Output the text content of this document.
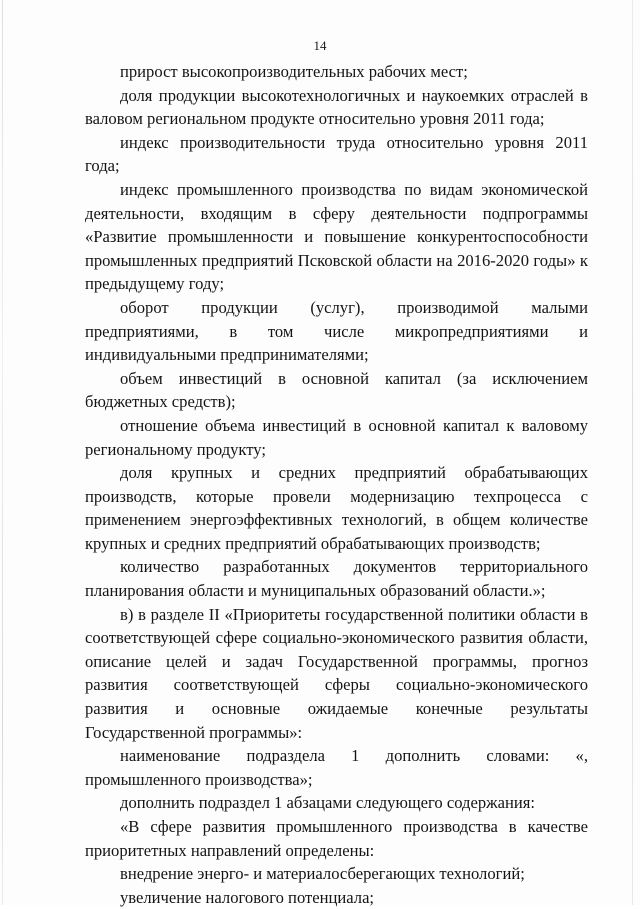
14

прирост высокопроизводительных рабочих мест;

доля продукции высокотехнологичных и наукоемких отраслей в валовом региональном продукте относительно уровня 2011 года;

индекс производительности труда относительно уровня 2011 года;

индекс промышленного производства по видам экономической деятельности, входящим в сферу деятельности подпрограммы «Развитие промышленности и повышение конкурентоспособности промышленных предприятий Псковской области на 2016-2020 годы» к предыдущему году;

оборот продукции (услуг), производимой малыми предприятиями, в том числе микропредприятиями и индивидуальными предпринимателями;

объем инвестиций в основной капитал (за исключением бюджетных средств);

отношение объема инвестиций в основной капитал к валовому региональному продукту;

доля крупных и средних предприятий обрабатывающих производств, которые провели модернизацию техпроцесса с применением энергоэффективных технологий, в общем количестве крупных и средних предприятий обрабатывающих производств;

количество разработанных документов территориального планирования области и муниципальных образований области.»;

в) в разделе II «Приоритеты государственной политики области в соответствующей сфере социально-экономического развития области, описание целей и задач Государственной программы, прогноз развития соответствующей сферы социально-экономического развития и основные ожидаемые конечные результаты Государственной программы»:

наименование подраздела 1 дополнить словами: «, промышленного производства»;

дополнить подраздел 1 абзацами следующего содержания:

«В сфере развития промышленного производства в качестве приоритетных направлений определены:

внедрение энерго- и материалосберегающих технологий;

увеличение налогового потенциала;
